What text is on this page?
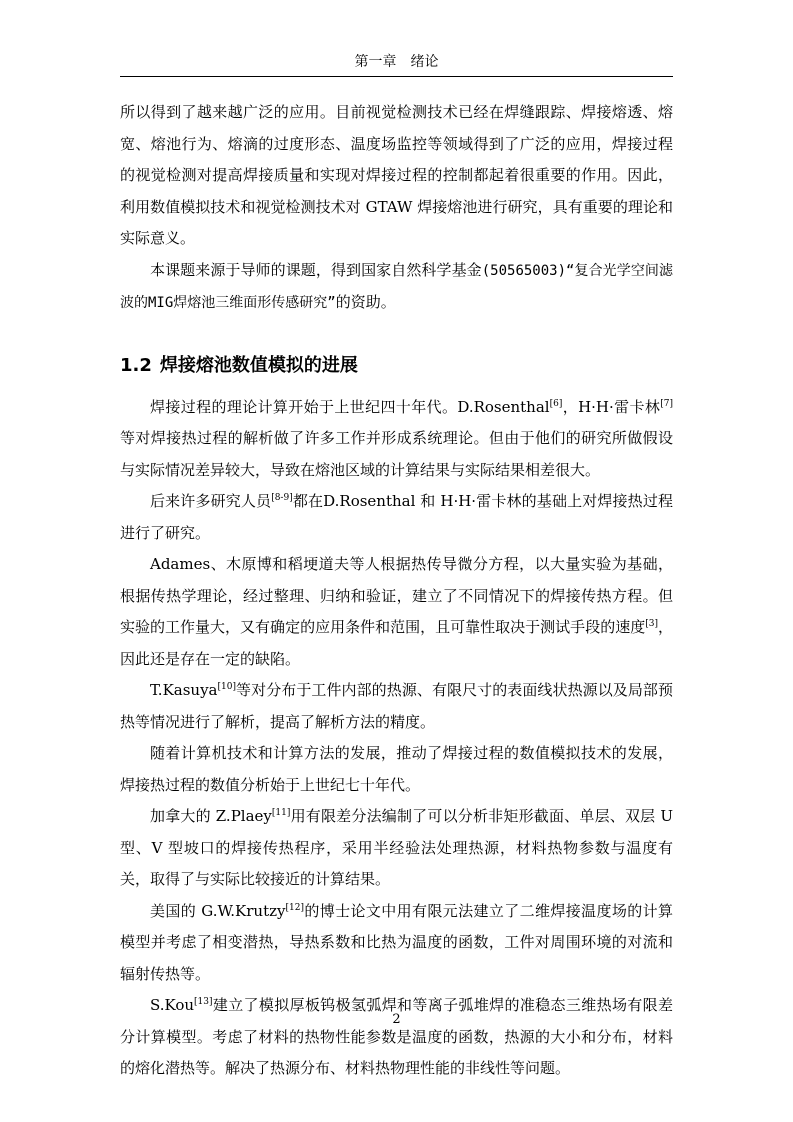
第一章　绪论

所以得到了越来越广泛的应用。目前视觉检测技术已经在焊缝跟踪、焊接熔透、熔宽、熔池行为、熔滴的过度形态、温度场监控等领域得到了广泛的应用，焊接过程的视觉检测对提高焊接质量和实现对焊接过程的控制都起着很重要的作用。因此，利用数值模拟技术和视觉检测技术对 GTAW 焊接熔池进行研究，具有重要的理论和实际意义。

本课题来源于导师的课题，得到国家自然科学基金(50565003)“复合光学空间滤波的MIG焊熔池三维面形传感研究”的资助。

1.2 焊接熔池数值模拟的进展

焊接过程的理论计算开始于上世纪四十年代。D.Rosenthal[6]，H·H·雷卡林[7]等对焊接热过程的解析做了许多工作并形成系统理论。但由于他们的研究所做假设与实际情况差异较大，导致在熔池区域的计算结果与实际结果相差很大。

后来许多研究人员[8-9]都在D.Rosenthal 和 H·H·雷卡林的基础上对焊接热过程进行了研究。

Adames、木原博和稻埂道夫等人根据热传导微分方程，以大量实验为基础，根据传热学理论，经过整理、归纳和验证，建立了不同情况下的焊接传热方程。但实验的工作量大，又有确定的应用条件和范围，且可靠性取决于测试手段的速度[3]，因此还是存在一定的缺陷。

T.Kasuya[10]等对分布于工件内部的热源、有限尺寸的表面线状热源以及局部预热等情况进行了解析，提高了解析方法的精度。

随着计算机技术和计算方法的发展，推动了焊接过程的数值模拟技术的发展，焊接热过程的数值分析始于上世纪七十年代。

加拿大的 Z.Plaey[11]用有限差分法编制了可以分析非矩形截面、单层、双层 U 型、V 型坡口的焊接传热程序，采用半经验法处理热源，材料热物参数与温度有关，取得了与实际比较接近的计算结果。

美国的 G.W.Krutzy[12]的博士论文中用有限元法建立了二维焊接温度场的计算模型并考虑了相变潜热，导热系数和比热为温度的函数，工件对周围环境的对流和辐射传热等。

S.Kou[13]建立了模拟厚板钨极氢弧焊和等离子弧堆焊的准稳态三维热场有限差分计算模型。考虑了材料的热物性能参数是温度的函数，热源的大小和分布，材料的熔化潜热等。解决了热源分布、材料热物理性能的非线性等问题。

2
